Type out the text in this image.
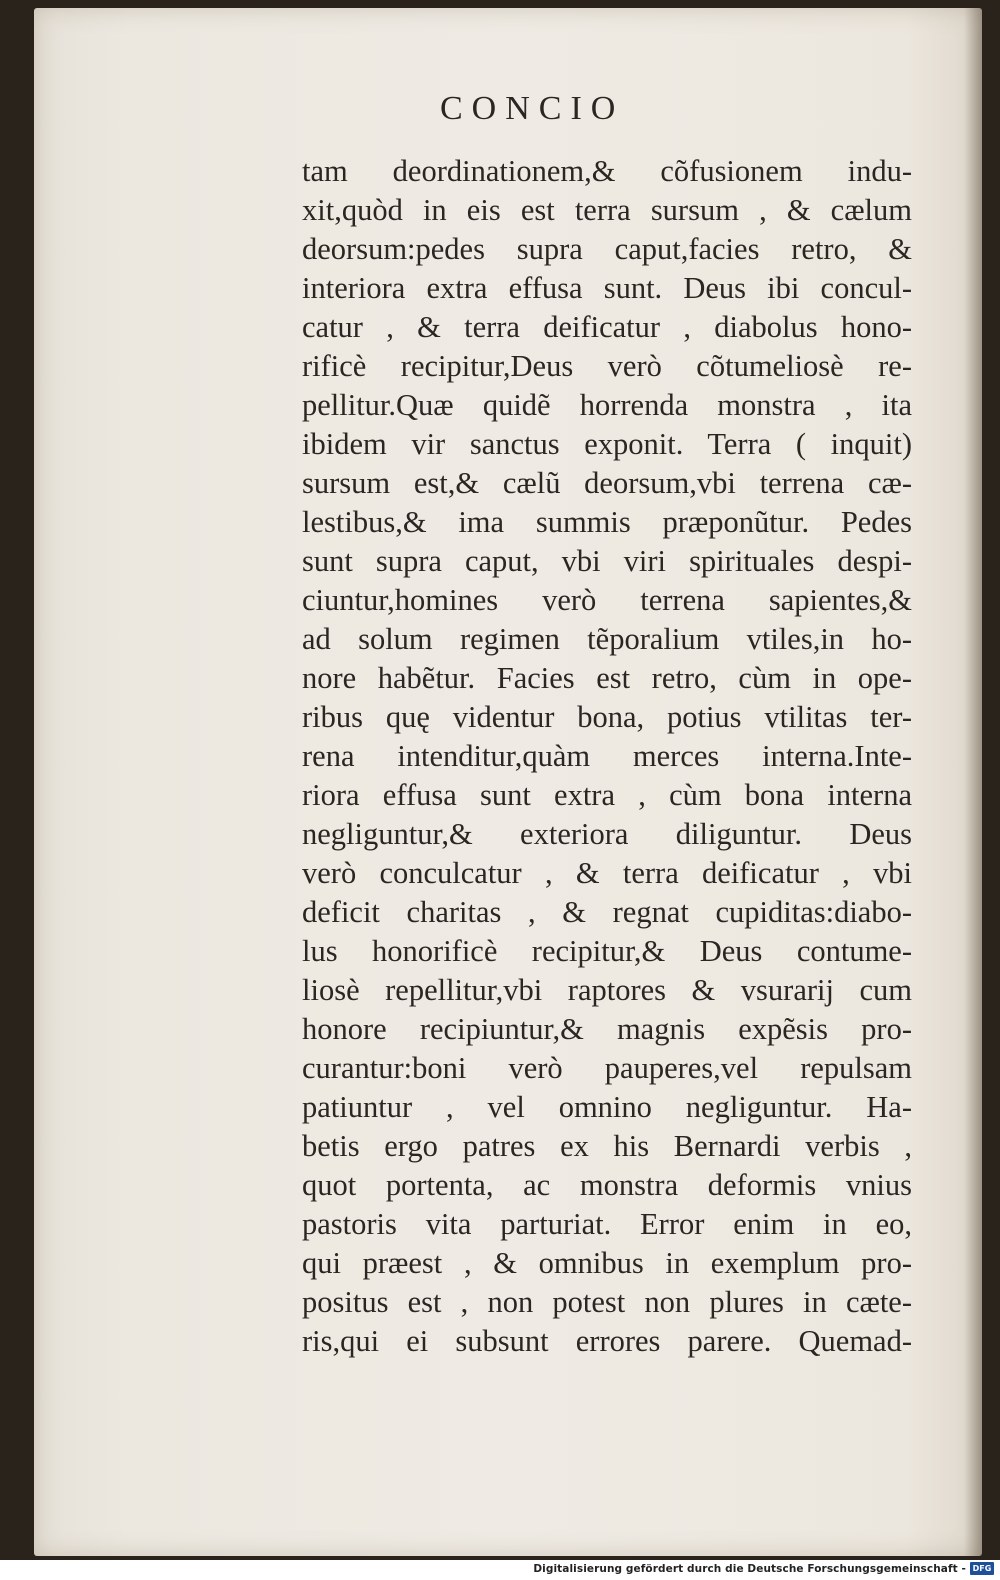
CONCIO
tam deordinationem,& cõfusionem indu-
xit,quòd in eis est terra sursum , & cælum
deorsum:pedes supra caput,facies retro, &
interiora extra effusa sunt. Deus ibi concul-
catur , & terra deificatur , diabolus hono-
rificè recipitur,Deus verò cõtumeliosè re-
pellitur.Quæ quidẽ horrenda monstra , ita
ibidem vir sanctus exponit. Terra ( inquit)
sursum est,& cælũ deorsum,vbi terrena cæ-
lestibus,& ima summis præponũtur. Pedes
sunt supra caput, vbi viri spirituales despi-
ciuntur,homines verò terrena sapientes,&
ad solum regimen tẽporalium vtiles,in ho-
nore habẽtur. Facies est retro, cùm in ope-
ribus quę videntur bona, potius vtilitas ter-
rena intenditur,quàm merces interna.Inte-
riora effusa sunt extra , cùm bona interna
negliguntur,& exteriora diliguntur. Deus
verò conculcatur , & terra deificatur , vbi
deficit charitas , & regnat cupiditas:diabo-
lus honorificè recipitur,& Deus contume-
liosè repellitur,vbi raptores & vsurarij cum
honore recipiuntur,& magnis expẽsis pro-
curantur:boni verò pauperes,vel repulsam
patiuntur , vel omnino negliguntur. Ha-
betis ergo patres ex his Bernardi verbis ,
quot portenta, ac monstra deformis vnius
pastoris vita parturiat. Error enim in eo,
qui præest , & omnibus in exemplum pro-
positus est , non potest non plures in cæte-
ris,qui ei subsunt errores parere. Quemad-
Digitalisierung gefördert durch die Deutsche Forschungsgemeinschaft - DFG
